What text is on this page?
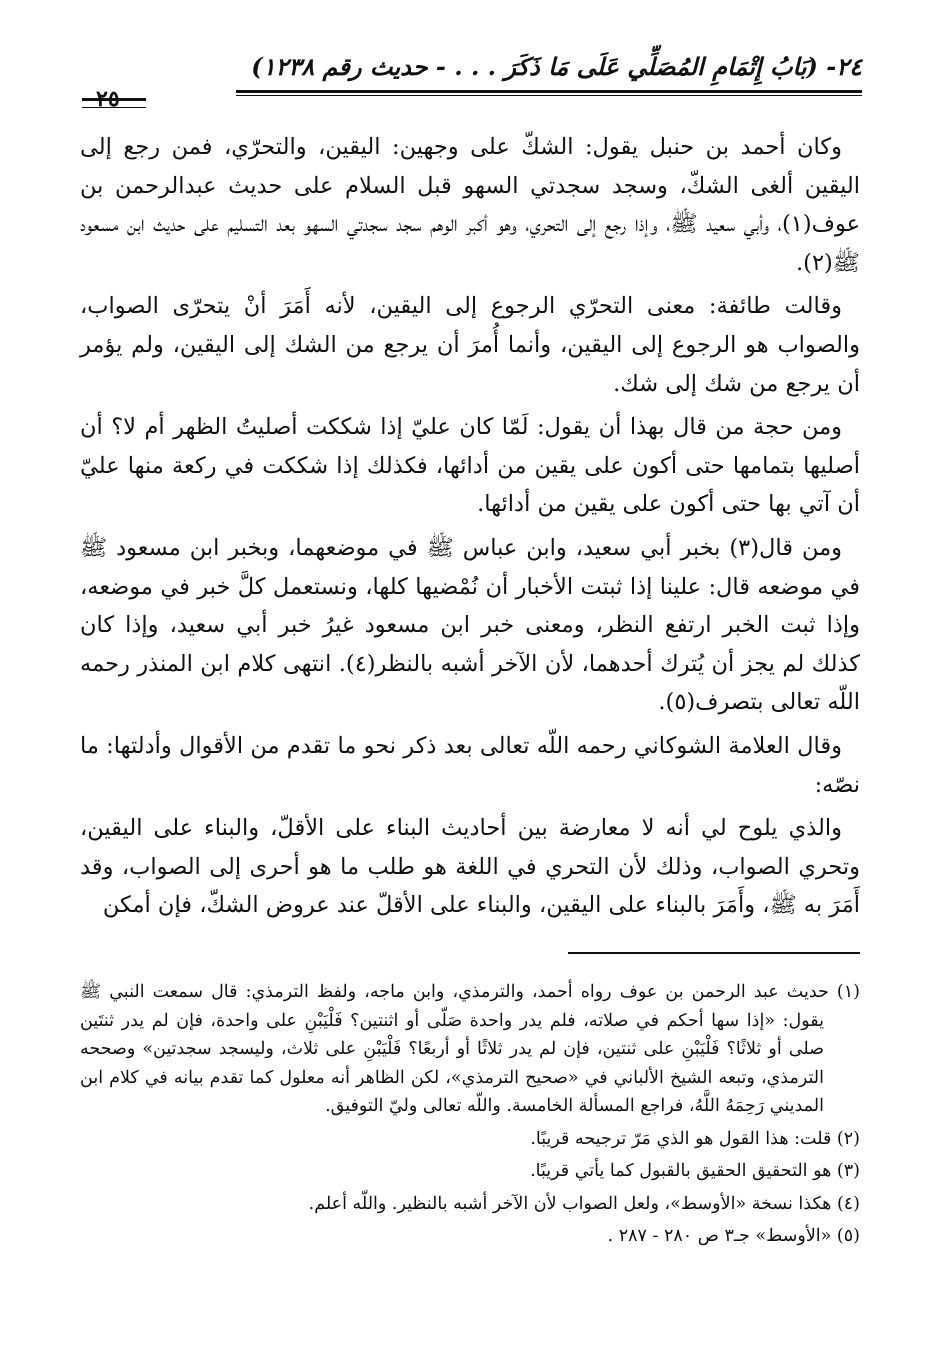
٢٤- (بَابُ إِتْمَامِ المُصَلِّي عَلَى مَا ذَكَرَ . . . - حديث رقم ١٢٣٨)
٢٥

وكان أحمد بن حنبل يقول: الشكّ على وجهين: اليقين، والتحرّي، فمن رجع إلى اليقين ألغى الشكّ، وسجد سجدتي السهو قبل السلام على حديث عبدالرحمن بن عوف(١)، وأبي سعيد ﷺ، وإذا رجع إلى التحري، وهو أكبر الوهم سجد سجدتي السهو بعد التسليم على حديث ابن مسعود ﷺ(٢).

وقالت طائفة: معنى التحرّي الرجوع إلى اليقين، لأنه أَمَرَ أنْ يتحرّى الصواب، والصواب هو الرجوع إلى اليقين، وأنما أُمرَ أن يرجع من الشك إلى اليقين، ولم يؤمر أن يرجع من شك إلى شك.

ومن حجة من قال بهذا أن يقول: لَمّا كان عليّ إذا شككت أصليتُ الظهر أم لا؟ أن أصليها بتمامها حتى أكون على يقين من أدائها، فكذلك إذا شككت في ركعة منها عليّ أن آتي بها حتى أكون على يقين من أدائها.

ومن قال(٣) بخبر أبي سعيد، وابن عباس ﷺ في موضعهما، وبخبر ابن مسعود ﷺ في موضعه قال: علينا إذا ثبتت الأخبار أن نُمْضيها كلها، ونستعمل كلَّ خبر في موضعه، وإذا ثبت الخبر ارتفع النظر، ومعنى خبر ابن مسعود غيرُ خبر أبي سعيد، وإذا كان كذلك لم يجز أن يُترك أحدهما، لأن الآخر أشبه بالنظر(٤). انتهى كلام ابن المنذر رحمه اللّه تعالى بتصرف(٥).

وقال العلامة الشوكاني رحمه اللّه تعالى بعد ذكر نحو ما تقدم من الأقوال وأدلتها: ما نصّه:

والذي يلوح لي أنه لا معارضة بين أحاديث البناء على الأقلّ، والبناء على اليقين، وتحري الصواب، وذلك لأن التحري في اللغة هو طلب ما هو أحرى إلى الصواب، وقد أَمَرَ به ﷺ، وأَمَرَ بالبناء على اليقين، والبناء على الأقلّ عند عروض الشكّ، فإن أمكن

(١) حديث عبد الرحمن بن عوف رواه أحمد، والترمذي، وابن ماجه، ولفظ الترمذي: قال سمعت النبي ﷺ يقول: «إذا سها أحكم في صلاته، فلم يدر واحدة صَلّى أو اثنتين؟ فَلْيَبْنِ على واحدة، فإن لم يدر ثنتَين صلى أو ثلاثًا؟ فَلْيَبْنِ على ثنتين، فإن لم يدر ثلاثًا أو أربعًا؟ فَلْيَبْنِ على ثلاث، وليسجد سجدتين» وصححه الترمذي، وتبعه الشيخ الألباني في «صحيح الترمذي»، لكن الظاهر أنه معلول كما تقدم بيانه في كلام ابن المديني رَحِمَهُ اللَّهُ، فراجع المسألة الخامسة. واللّه تعالى وليّ التوفيق.

(٢) قلت: هذا القول هو الذي مَرّ ترجيحه قريبًا.

(٣) هو التحقيق الحقيق بالقبول كما يأتي قريبًا.

(٤) هكذا نسخة «الأوسط»، ولعل الصواب لأن الآخر أشبه بالنظير. واللّه أعلم.

(٥) «الأوسط» جـ٣ ص ٢٨٠ - ٢٨٧ .
